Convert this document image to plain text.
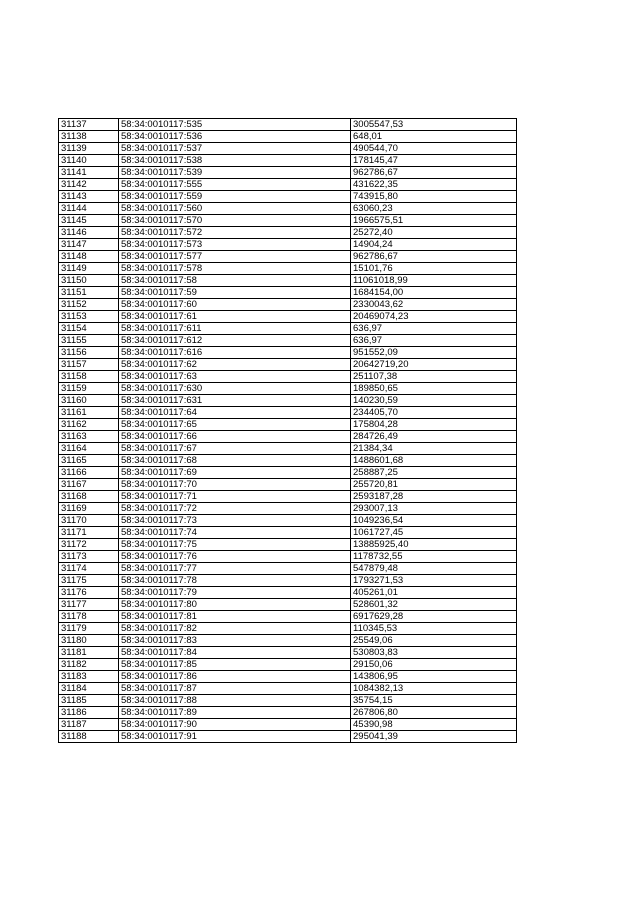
31137	58:34:0010117:535	3005547,53
31138	58:34:0010117:536	648,01
31139	58:34:0010117:537	490544,70
31140	58:34:0010117:538	178145,47
31141	58:34:0010117:539	962786,67
31142	58:34:0010117:555	431622,35
31143	58:34:0010117:559	743915,80
31144	58:34:0010117:560	63060,23
31145	58:34:0010117:570	1966575,51
31146	58:34:0010117:572	25272,40
31147	58:34:0010117:573	14904,24
31148	58:34:0010117:577	962786,67
31149	58:34:0010117:578	15101,76
31150	58:34:0010117:58	11061018,99
31151	58:34:0010117:59	1684154,00
31152	58:34:0010117:60	2330043,62
31153	58:34:0010117:61	20469074,23
31154	58:34:0010117:611	636,97
31155	58:34:0010117:612	636,97
31156	58:34:0010117:616	951552,09
31157	58:34:0010117:62	20642719,20
31158	58:34:0010117:63	251107,38
31159	58:34:0010117:630	189850,65
31160	58:34:0010117:631	140230,59
31161	58:34:0010117:64	234405,70
31162	58:34:0010117:65	175804,28
31163	58:34:0010117:66	284726,49
31164	58:34:0010117:67	21384,34
31165	58:34:0010117:68	1488601,68
31166	58:34:0010117:69	258887,25
31167	58:34:0010117:70	255720,81
31168	58:34:0010117:71	2593187,28
31169	58:34:0010117:72	293007,13
31170	58:34:0010117:73	1049236,54
31171	58:34:0010117:74	1061727,45
31172	58:34:0010117:75	13885925,40
31173	58:34:0010117:76	1178732,55
31174	58:34:0010117:77	547879,48
31175	58:34:0010117:78	1793271,53
31176	58:34:0010117:79	405261,01
31177	58:34:0010117:80	528601,32
31178	58:34:0010117:81	6917629,28
31179	58:34:0010117:82	110345,53
31180	58:34:0010117:83	25549,06
31181	58:34:0010117:84	530803,83
31182	58:34:0010117:85	29150,06
31183	58:34:0010117:86	143806,95
31184	58:34:0010117:87	1084382,13
31185	58:34:0010117:88	35754,15
31186	58:34:0010117:89	267806,80
31187	58:34:0010117:90	45390,98
31188	58:34:0010117:91	295041,39
